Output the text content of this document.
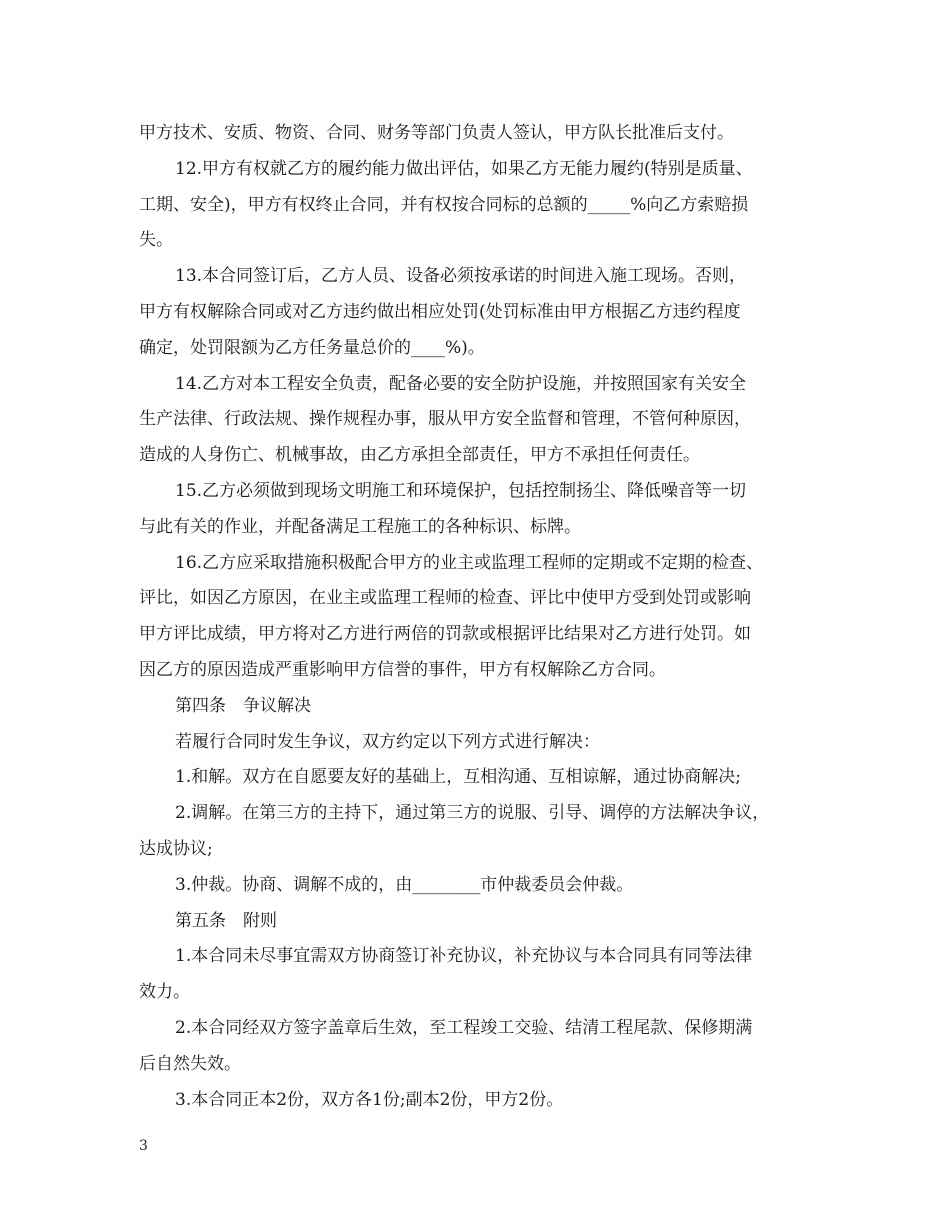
甲方技术、安质、物资、合同、财务等部门负责人签认，甲方队长批准后支付。
12.甲方有权就乙方的履约能力做出评估，如果乙方无能力履约(特别是质量、
工期、安全)，甲方有权终止合同，并有权按合同标的总额的_____%向乙方索赔损
失。
13.本合同签订后，乙方人员、设备必须按承诺的时间进入施工现场。否则，
甲方有权解除合同或对乙方违约做出相应处罚(处罚标准由甲方根据乙方违约程度
确定，处罚限额为乙方任务量总价的____%)。
14.乙方对本工程安全负责，配备必要的安全防护设施，并按照国家有关安全
生产法律、行政法规、操作规程办事，服从甲方安全监督和管理，不管何种原因，
造成的人身伤亡、机械事故，由乙方承担全部责任，甲方不承担任何责任。
15.乙方必须做到现场文明施工和环境保护，包括控制扬尘、降低噪音等一切
与此有关的作业，并配备满足工程施工的各种标识、标牌。
16.乙方应采取措施积极配合甲方的业主或监理工程师的定期或不定期的检查、
评比，如因乙方原因，在业主或监理工程师的检查、评比中使甲方受到处罚或影响
甲方评比成绩，甲方将对乙方进行两倍的罚款或根据评比结果对乙方进行处罚。如
因乙方的原因造成严重影响甲方信誉的事件，甲方有权解除乙方合同。
第四条　争议解决
若履行合同时发生争议，双方约定以下列方式进行解决：
1.和解。双方在自愿要友好的基础上，互相沟通、互相谅解，通过协商解决;
2.调解。在第三方的主持下，通过第三方的说服、引导、调停的方法解决争议，
达成协议;
3.仲裁。协商、调解不成的，由________市仲裁委员会仲裁。
第五条　附则
1.本合同未尽事宜需双方协商签订补充协议，补充协议与本合同具有同等法律
效力。
2.本合同经双方签字盖章后生效，至工程竣工交验、结清工程尾款、保修期满
后自然失效。
3.本合同正本2份，双方各1份;副本2份，甲方2份。
3
